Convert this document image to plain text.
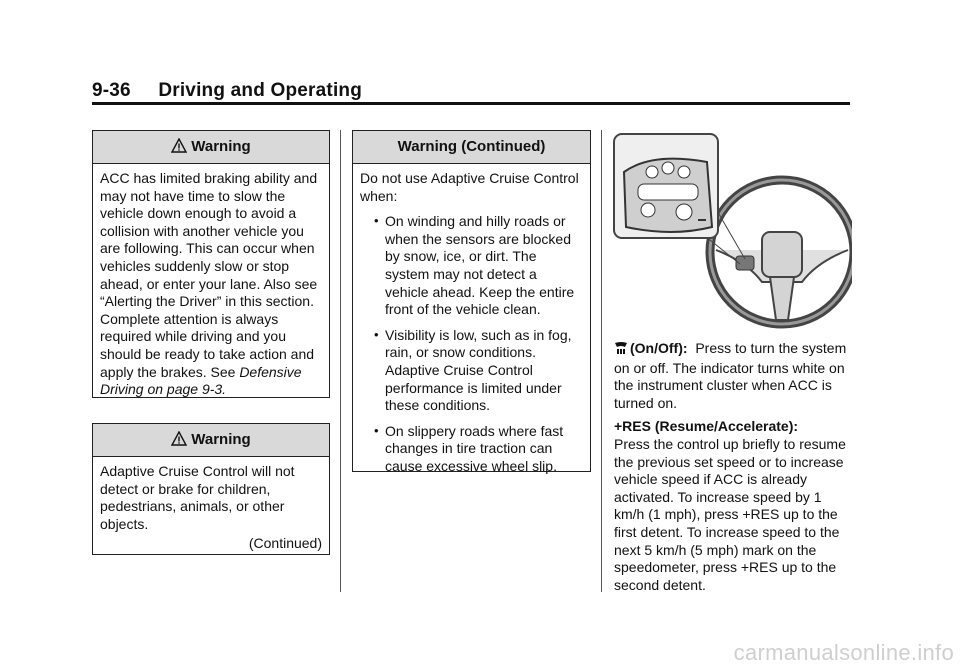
9-36 Driving and Operating
Warning

ACC has limited braking ability and may not have time to slow the vehicle down enough to avoid a collision with another vehicle you are following. This can occur when vehicles suddenly slow or stop ahead, or enter your lane. Also see “Alerting the Driver” in this section. Complete attention is always required while driving and you should be ready to take action and apply the brakes. See Defensive Driving on page 9-3.

Warning

Adaptive Cruise Control will not detect or brake for children, pedestrians, animals, or other objects.

(Continued)
Warning (Continued)

Do not use Adaptive Cruise Control when:

• On winding and hilly roads or when the sensors are blocked by snow, ice, or dirt. The system may not detect a vehicle ahead. Keep the entire front of the vehicle clean.
• Visibility is low, such as in fog, rain, or snow conditions. Adaptive Cruise Control performance is limited under these conditions.
• On slippery roads where fast changes in tire traction can cause excessive wheel slip.

(On/Off): Press to turn the system on or off. The indicator turns white on the instrument cluster when ACC is turned on.

+RES (Resume/Accelerate):
Press the control up briefly to resume the previous set speed or to increase vehicle speed if ACC is already activated. To increase speed by 1 km/h (1 mph), press +RES up to the first detent. To increase speed to the next 5 km/h (5 mph) mark on the speedometer, press +RES up to the second detent.

carmanualsonline.info
